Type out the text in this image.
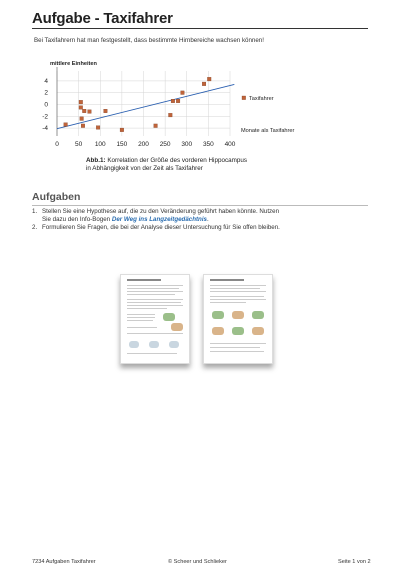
Aufgabe - Taxifahrer
Bei Taxifahrern hat man festgestellt, dass bestimmte Hirnbereiche wachsen können!
4
2
0
-2
-4
0 50 100 150 200 250 300 350 400
mittlere Einheiten
Monate als Taxifahrer
Taxifahrer
Abb.1: Korrelation der Größe des vorderen Hippocampus
in Abhängigkeit von der Zeit als Taxifahrer
Aufgaben
1. Stellen Sie eine Hypothese auf, die zu den Veränderung geführt haben könnte. Nutzen
Sie dazu den Info-Bogen Der Weg ins Langzeitgedächtnis.
2. Formulieren Sie Fragen, die bei der Analyse dieser Untersuchung für Sie offen bleiben.
7234 Aufgaben Taxifahrer	© Scheer und Schlieker	Seite 1 von 2
